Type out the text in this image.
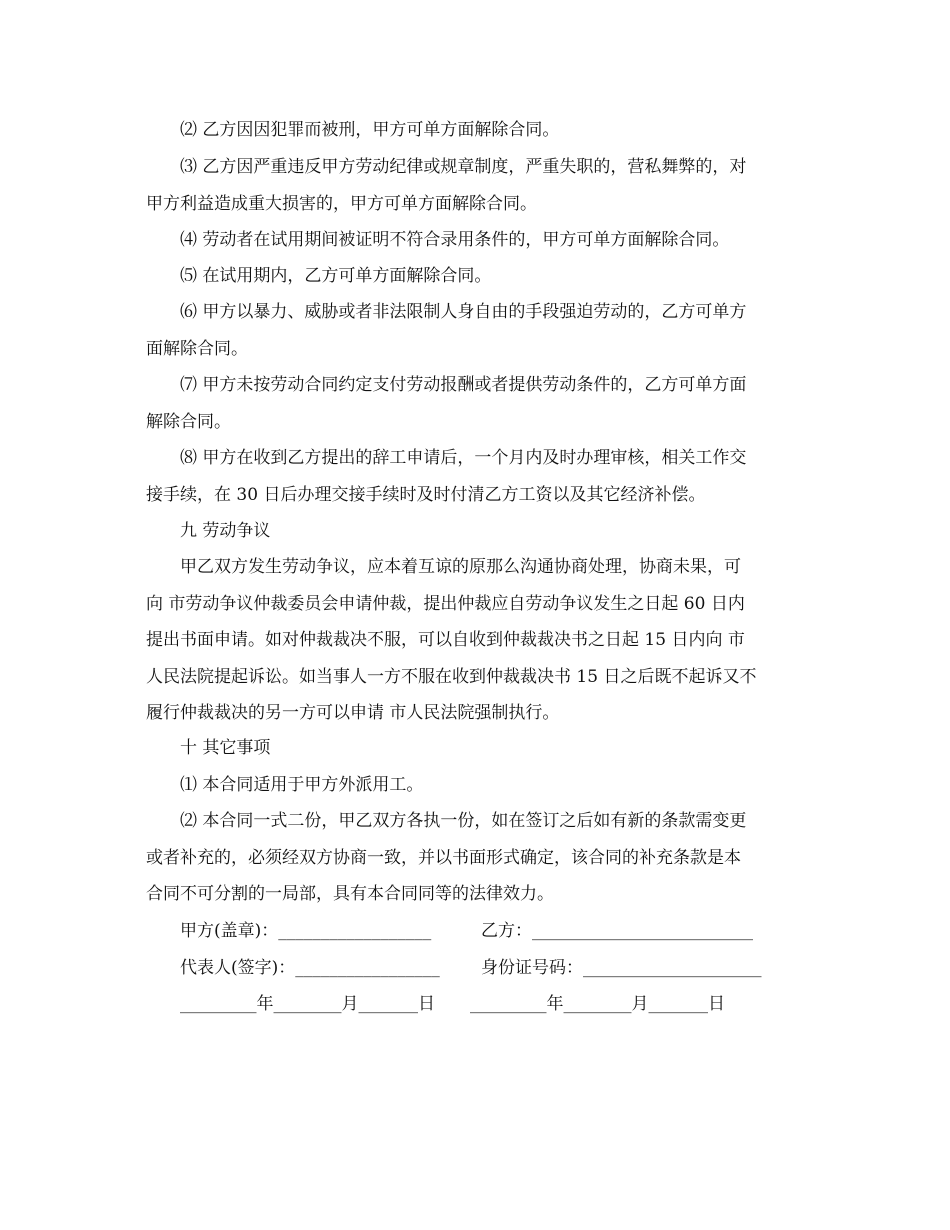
⑵ 乙方因因犯罪而被刑，甲方可单方面解除合同。

⑶ 乙方因严重违反甲方劳动纪律或规章制度，严重失职的，营私舞弊的，对
甲方利益造成重大损害的，甲方可单方面解除合同。

⑷ 劳动者在试用期间被证明不符合录用条件的，甲方可单方面解除合同。

⑸ 在试用期内，乙方可单方面解除合同。

⑹ 甲方以暴力、威胁或者非法限制人身自由的手段强迫劳动的，乙方可单方
面解除合同。

⑺ 甲方未按劳动合同约定支付劳动报酬或者提供劳动条件的，乙方可单方面
解除合同。

⑻ 甲方在收到乙方提出的辞工申请后，一个月内及时办理审核，相关工作交
接手续，在 30 日后办理交接手续时及时付清乙方工资以及其它经济补偿。

九 劳动争议

甲乙双方发生劳动争议，应本着互谅的原那么沟通协商处理，协商未果，可
向 市劳动争议仲裁委员会申请仲裁，提出仲裁应自劳动争议发生之日起 60 日内
提出书面申请。如对仲裁裁决不服，可以自收到仲裁裁决书之日起 15 日内向 市
人民法院提起诉讼。如当事人一方不服在收到仲裁裁决书 15 日之后既不起诉又不
履行仲裁裁决的另一方可以申请 市人民法院强制执行。

十 其它事项

⑴ 本合同适用于甲方外派用工。

⑵ 本合同一式二份，甲乙双方各执一份，如在签订之后如有新的条款需变更
或者补充的，必须经双方协商一致，并以书面形式确定，该合同的补充条款是本
合同不可分割的一局部，具有本合同同等的法律效力。

甲方(盖章)：__________________	乙方：__________________________
代表人(签字)：_________________ 身份证号码：_____________________
_________年________月_______日 _________年________月_______日
